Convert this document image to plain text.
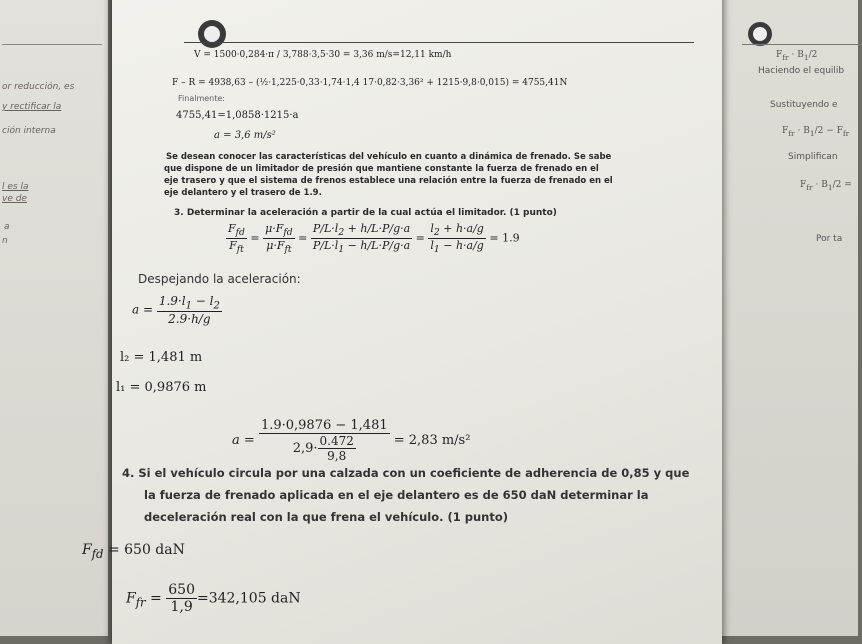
or reducción, es
y rectificar la
ción interna
l es la
ve de
a
n
$F_{fr} \cdot B_1/2$
Haciendo el equilib
Sustituyendo e
$F_{fr} \cdot B_1/2 - F_{fr}$
Simplifican
$F_{fr} \cdot B_1/2$ =
Por ta
V = 1500·0,284·π / 3,788·3,5·30 = 3,36 m/s=12,11 km/h
F – R = 4938,63 – (½·1,225·0,33·1,74·1,4 17·0,82·3,36² + 1215·9,8·0,015) = 4755,41N
Finalmente:
4755,41=1,0858·1215·a
a = 3,6 m/s²
Se desean conocer las características del vehículo en cuanto a dinámica de frenado. Se sabe
que dispone de un limitador de presión que mantiene constante la fuerza de frenado en el
eje trasero y que el sistema de frenos establece una relación entre la fuerza de frenado en el
eje delantero y el trasero de 1.9.
3. Determinar la aceleración a partir de la cual actúa el limitador. (1 punto)
$\frac{F_{fd}}{F_{ft}} = \frac{\mu\cdot F_{fd}}{\mu\cdot F_{ft}} = \frac{P/L\cdot l_2 + h/L\cdot P/g\cdot a}{P/L\cdot l_1 - h/L\cdot P/g\cdot a} = \frac{l_2 + h\cdot a/g}{l_1 - h\cdot a/g} = 1.9$
Despejando la aceleración:
$a = \frac{1.9\cdot l_1 - l_2}{2.9\cdot h/g}$
l₂ = 1,481 m
l₁ = 0,9876 m
$a = \frac{1.9\cdot 0,9876 - 1,481}{2,9\cdot \frac{0.472}{9,8}} = 2,83$ m/s²
4. Si el vehículo circula por una calzada con un coeficiente de adherencia de 0,85 y que
la fuerza de frenado aplicada en el eje delantero es de 650 daN determinar la
deceleración real con la que frena el vehículo. (1 punto)
$F_{fd} = 650$ daN
$F_{fr} = \frac{650}{1,9} =342,105$ daN
